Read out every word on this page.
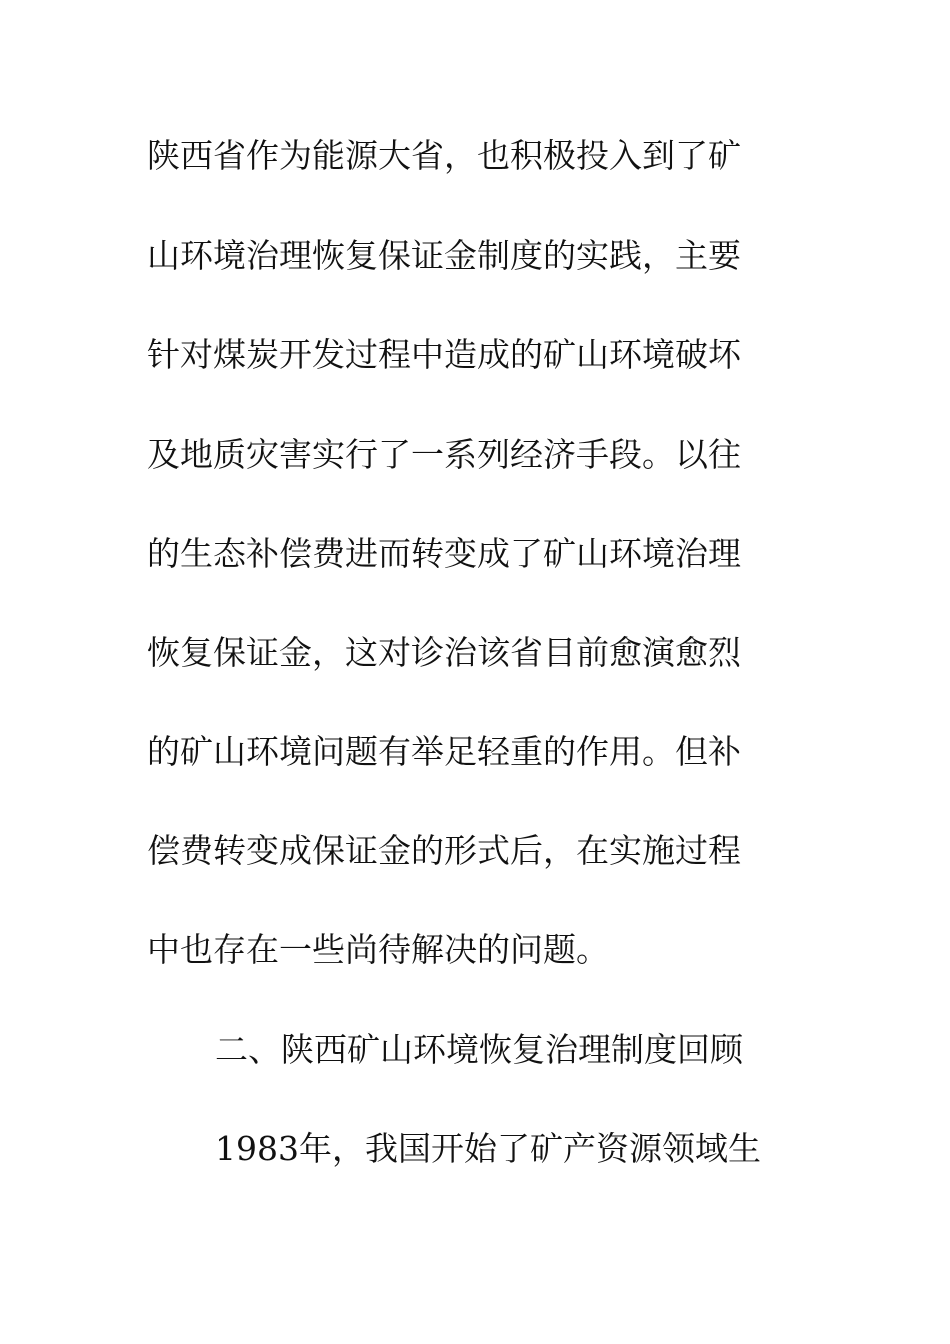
陕西省作为能源大省，也积极投入到了矿
山环境治理恢复保证金制度的实践，主要
针对煤炭开发过程中造成的矿山环境破坏
及地质灾害实行了一系列经济手段。以往
的生态补偿费进而转变成了矿山环境治理
恢复保证金，这对诊治该省目前愈演愈烈
的矿山环境问题有举足轻重的作用。但补
偿费转变成保证金的形式后，在实施过程
中也存在一些尚待解决的问题。
二、陕西矿山环境恢复治理制度回顾
1983年，我国开始了矿产资源领域生
